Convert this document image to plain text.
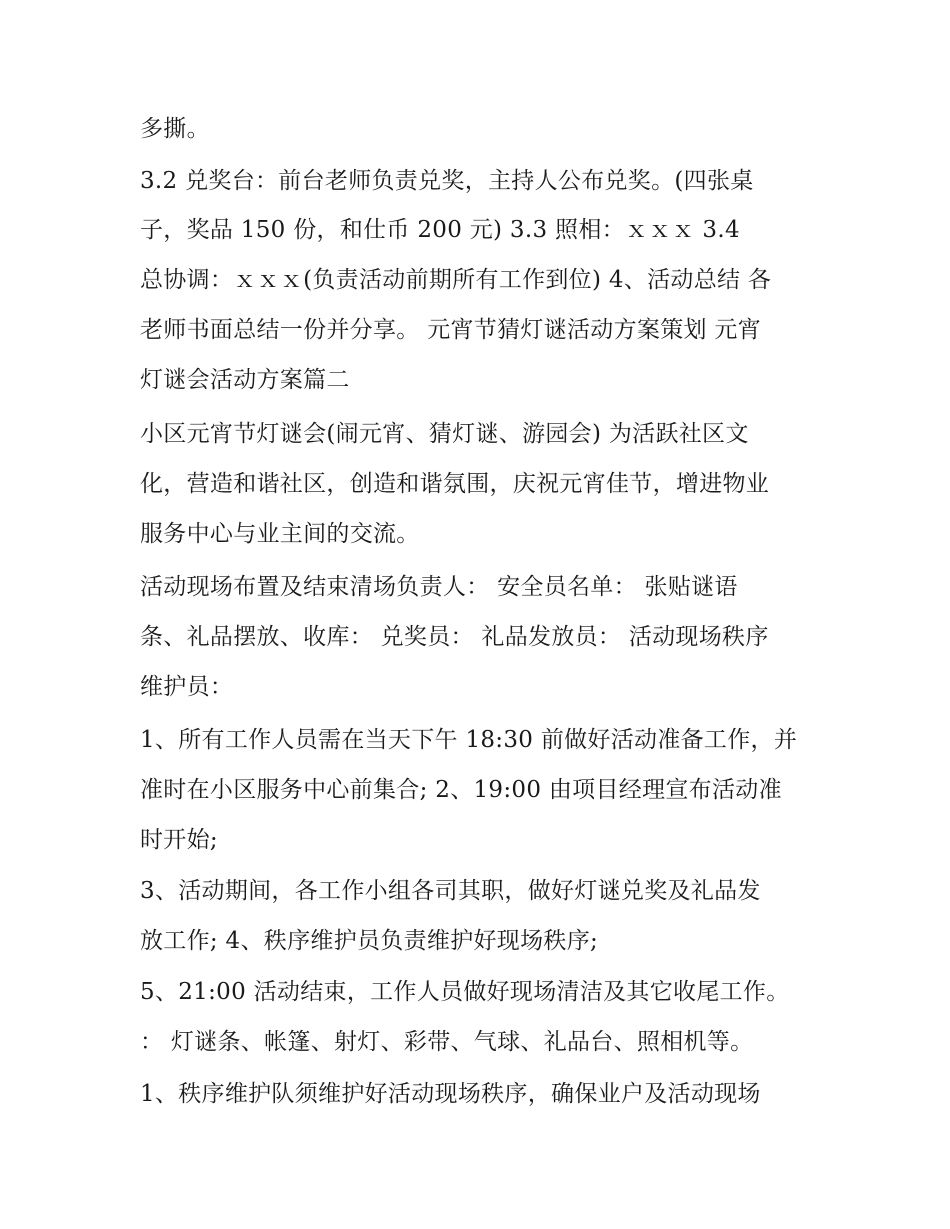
多撕。
3.2 兑奖台：前台老师负责兑奖，主持人公布兑奖。(四张桌
子，奖品 150 份，和仕币 200 元) 3.3 照相：ｘｘｘ 3.4
总协调：ｘｘｘ(负责活动前期所有工作到位) 4、活动总结 各
老师书面总结一份并分享。 元宵节猜灯谜活动方案策划 元宵
灯谜会活动方案篇二
小区元宵节灯谜会(闹元宵、猜灯谜、游园会) 为活跃社区文
化，营造和谐社区，创造和谐氛围，庆祝元宵佳节，增进物业
服务中心与业主间的交流。
活动现场布置及结束清场负责人： 安全员名单： 张贴谜语
条、礼品摆放、收库： 兑奖员： 礼品发放员： 活动现场秩序
维护员：
1、所有工作人员需在当天下午 18:30 前做好活动准备工作，并
准时在小区服务中心前集合; 2、19:00 由项目经理宣布活动准
时开始;
3、活动期间，各工作小组各司其职，做好灯谜兑奖及礼品发
放工作; 4、秩序维护员负责维护好现场秩序;
5、21:00 活动结束，工作人员做好现场清洁及其它收尾工作。
： 灯谜条、帐篷、射灯、彩带、气球、礼品台、照相机等。
1、秩序维护队须维护好活动现场秩序，确保业户及活动现场
